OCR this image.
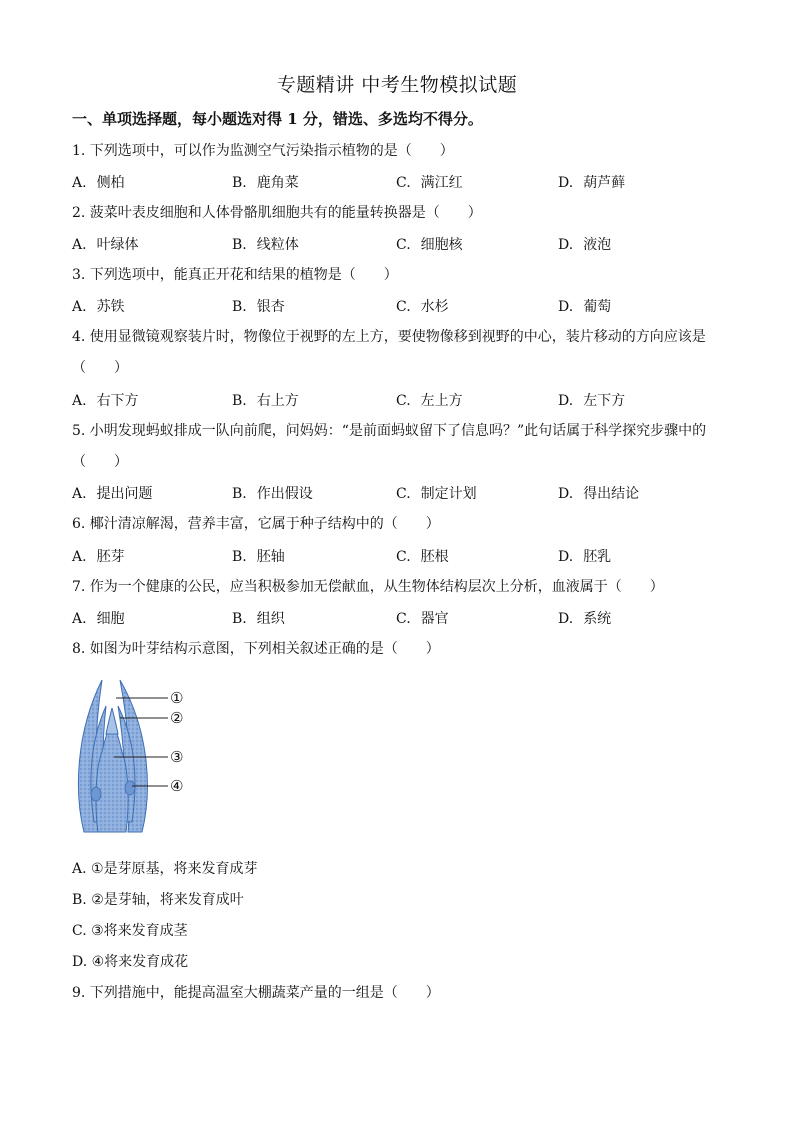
专题精讲 中考生物模拟试题
一、单项选择题，每小题选对得 1 分，错选、多选均不得分。
1. 下列选项中，可以作为监测空气污染指示植物的是（　　）
A. 侧柏	B. 鹿角菜	C. 满江红	D. 葫芦藓
2. 菠菜叶表皮细胞和人体骨骼肌细胞共有的能量转换器是（　　）
A. 叶绿体	B. 线粒体	C. 细胞核	D. 液泡
3. 下列选项中，能真正开花和结果的植物是（　　）
A. 苏铁	B. 银杏	C. 水杉	D. 葡萄
4. 使用显微镜观察装片时，物像位于视野的左上方，要使物像移到视野的中心，装片移动的方向应该是
（　　）
A. 右下方	B. 右上方	C. 左上方	D. 左下方
5. 小明发现蚂蚁排成一队向前爬，问妈妈：“是前面蚂蚁留下了信息吗？”此句话属于科学探究步骤中的
（　　）
A. 提出问题	B. 作出假设	C. 制定计划	D. 得出结论
6. 椰汁清凉解渴，营养丰富，它属于种子结构中的（　　）
A. 胚芽	B. 胚轴	C. 胚根	D. 胚乳
7. 作为一个健康的公民，应当积极参加无偿献血，从生物体结构层次上分析，血液属于（　　）
A. 细胞	B. 组织	C. 器官	D. 系统
8. 如图为叶芽结构示意图，下列相关叙述正确的是（　　）
①
②
③
④
A. ①是芽原基，将来发育成芽
B. ②是芽轴，将来发育成叶
C. ③将来发育成茎
D. ④将来发育成花
9. 下列措施中，能提高温室大棚蔬菜产量的一组是（　　）
